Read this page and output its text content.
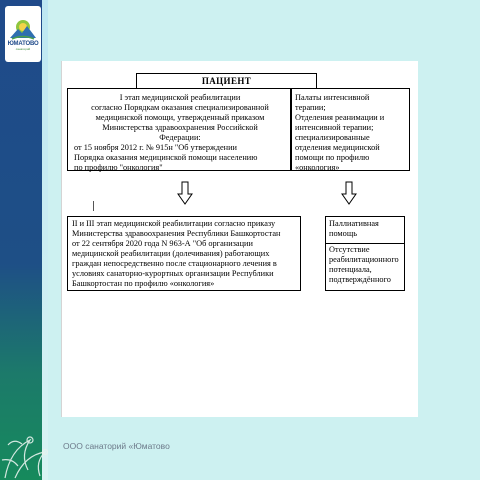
ЮМАТОВО
санаторий
ПАЦИЕНТ
I этап медицинской реабилитации
согласно Порядкам оказания специализированной
медицинской помощи, утвержденный приказом
Министерства здравоохранения Российской
Федерации:
от 15 ноября 2012 г. № 915н "Об утверждении
Порядка оказания медицинской помощи населению
по профилю "онкология"
Палаты интенсивной
терапии;
Отделения реанимации и
интенсивной терапии;
специализированные
отделения медицинской
помощи по профилю
«онкология»
II и III этап медицинской реабилитации согласно приказу
Министерства здравоохранения Республики Башкортостан
от 22 сентября 2020 года N 963-А "Об организации
медицинской реабилитации (долечивания) работающих
граждан непосредственно после стационарного лечения в
условиях санаторно-курортных организации Республики
Башкортостан по профилю «онкология»
Паллиативная
помощь
Отсутствие
реабилитационного
потенциала,
подтверждённого
ООО санаторий «Юматово
